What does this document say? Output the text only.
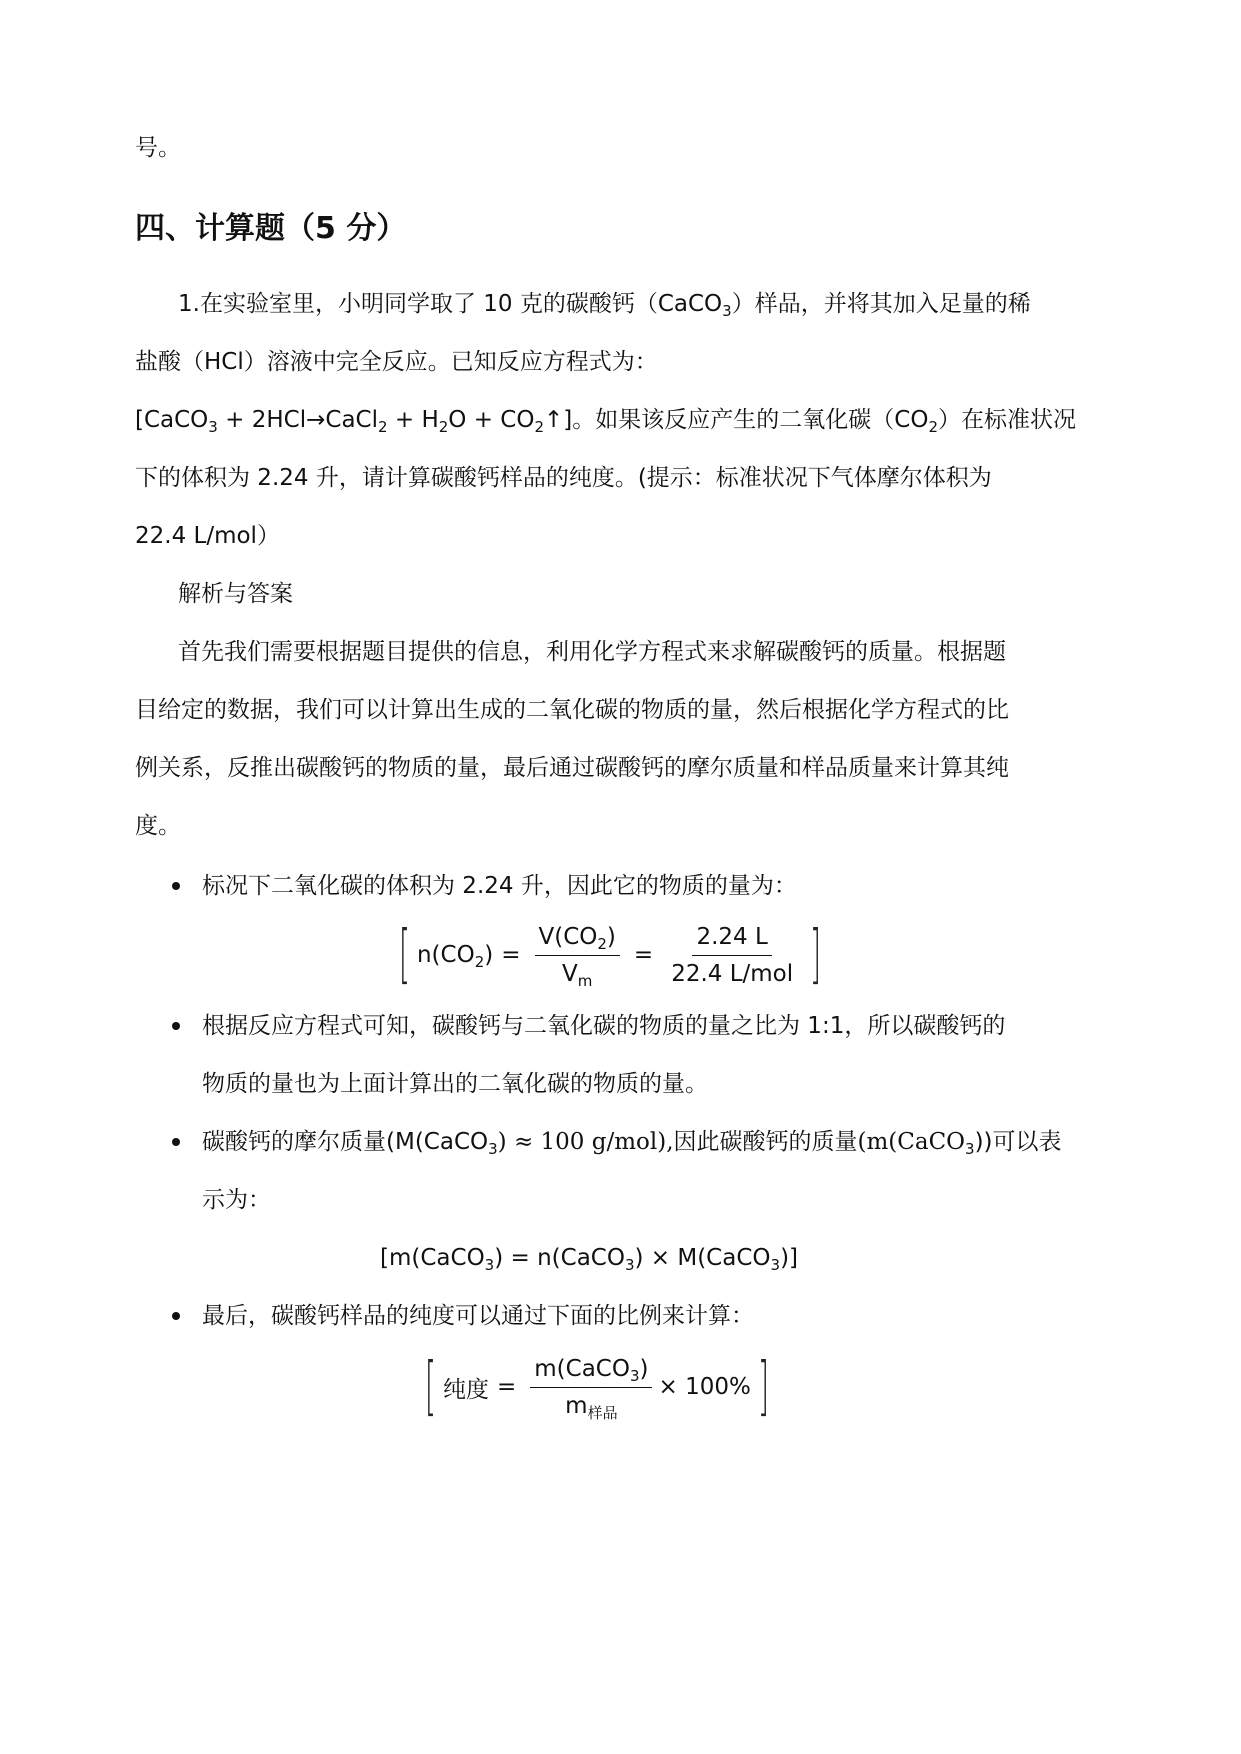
号。
四、计算题（5 分）
1.在实验室里，小明同学取了 10 克的碳酸钙（CaCO$_3$）样品，并将其加入足量的稀
盐酸（HCl）溶液中完全反应。已知反应方程式为：
[CaCO$_3$ + 2HCl→CaCl$_2$ + $H_2O$ + $CO_2↑$]。如果该反应产生的二氧化碳$(CO_2)$在标准状况
下的体积为 2.24 升，请计算碳酸钙样品的纯度。(提示：标准状况下气体摩尔体积为
22.4 L/mol）
解析与答案
首先我们需要根据题目提供的信息，利用化学方程式来求解碳酸钙的质量。根据题
目给定的数据，我们可以计算出生成的二氧化碳的物质的量，然后根据化学方程式的比
例关系，反推出碳酸钙的物质的量，最后通过碳酸钙的摩尔质量和样品质量来计算其纯
度。
标况下二氧化碳的体积为 2.24 升，因此它的物质的量为：
[ $n(CO_2) = \frac{V(CO_2)}{V_m} = \frac{2.24 L}{\text{22.4 L/mol}}$ ]
根据反应方程式可知，碳酸钙与二氧化碳的物质的量之比为 1:1，所以碳酸钙的
物质的量也为上面计算出的二氧化碳的物质的量。
碳酸钙的摩尔质量(M(CaCO$_3$) ≈ 100 g/mol),因此碳酸钙的质量(m(CaCO$_3$))可以表
示为：
[m(CaCO$_3$) = n(CaCO$_3$) × M(CaCO$_3$)]
最后，碳酸钙样品的纯度可以通过下面的比例来计算：
[ 纯度 = $\frac{m(CaCO_3)}{m_{样品}} \times 100\%$ ]
